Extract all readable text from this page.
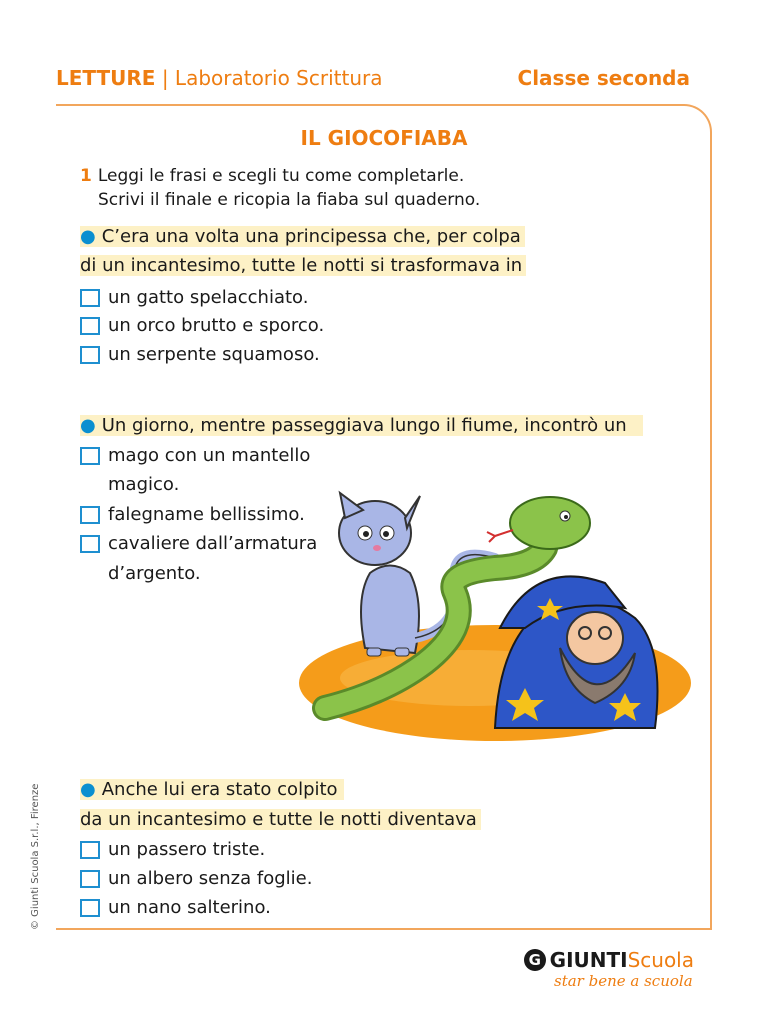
LETTURE | Laboratorio Scrittura	Classe seconda
IL GIOCOFIABA
1 Leggi le frasi e scegli tu come completarle.
Scrivi il finale e ricopia la fiaba sul quaderno.
● C’era una volta una principessa che, per colpa
di un incantesimo, tutte le notti si trasformava in
un gatto spelacchiato.
un orco brutto e sporco.
un serpente squamoso.
● Un giorno, mentre passeggiava lungo il fiume, incontrò un
mago con un mantello
magico.
falegname bellissimo.
cavaliere dall’armatura
d’argento.
● Anche lui era stato colpito
da un incantesimo e tutte le notti diventava
un passero triste.
un albero senza foglie.
un nano salterino.
© Giunti Scuola S.r.l., Firenze
G GIUNTI Scuola
star bene a scuola
